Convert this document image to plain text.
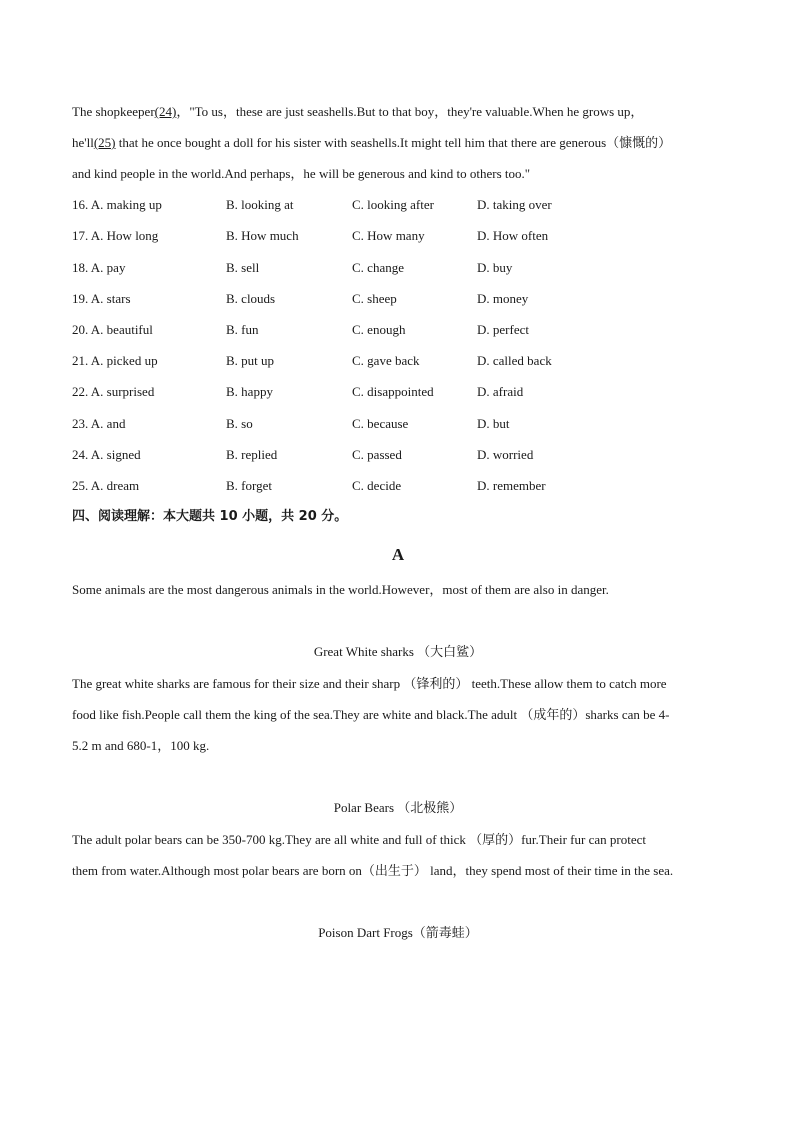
The shopkeeper(24)，"To us，these are just seashells.But to that boy，they're valuable.When he grows up，
he'll(25) that he once bought a doll for his sister with seashells.It might tell him that there are generous（慷慨的）
and kind people in the world.And perhaps，he will be generous and kind to others too."
16. A. making up	B. looking at	C. looking after	D. taking over
17. A. How long	B. How much	C. How many	D. How often
18. A. pay	B. sell	C. change	D. buy
19. A. stars	B. clouds	C. sheep	D. money
20. A. beautiful	B. fun	C. enough	D. perfect
21. A. picked up	B. put up	C. gave back	D. called back
22. A. surprised	B. happy	C. disappointed	D. afraid
23. A. and	B. so	C. because	D. but
24. A. signed	B. replied	C. passed	D. worried
25. A. dream	B. forget	C. decide	D. remember
四、阅读理解：本大题共 10 小题，共 20 分。
A
Some animals are the most dangerous animals in the world.However，most of them are also in danger.
Great White sharks （大白鲨）
The great white sharks are famous for their size and their sharp （锋利的） teeth.These allow them to catch more
food like fish.People call them the king of the sea.They are white and black.The adult （成年的）sharks can be 4-
5.2 m and 680-1，100 kg.
Polar Bears （北极熊）
The adult polar bears can be 350-700 kg.They are all white and full of thick （厚的）fur.Their fur can protect
them from water.Although most polar bears are born on（出生于） land，they spend most of their time in the sea.
Poison Dart Frogs（箭毒蛙）
